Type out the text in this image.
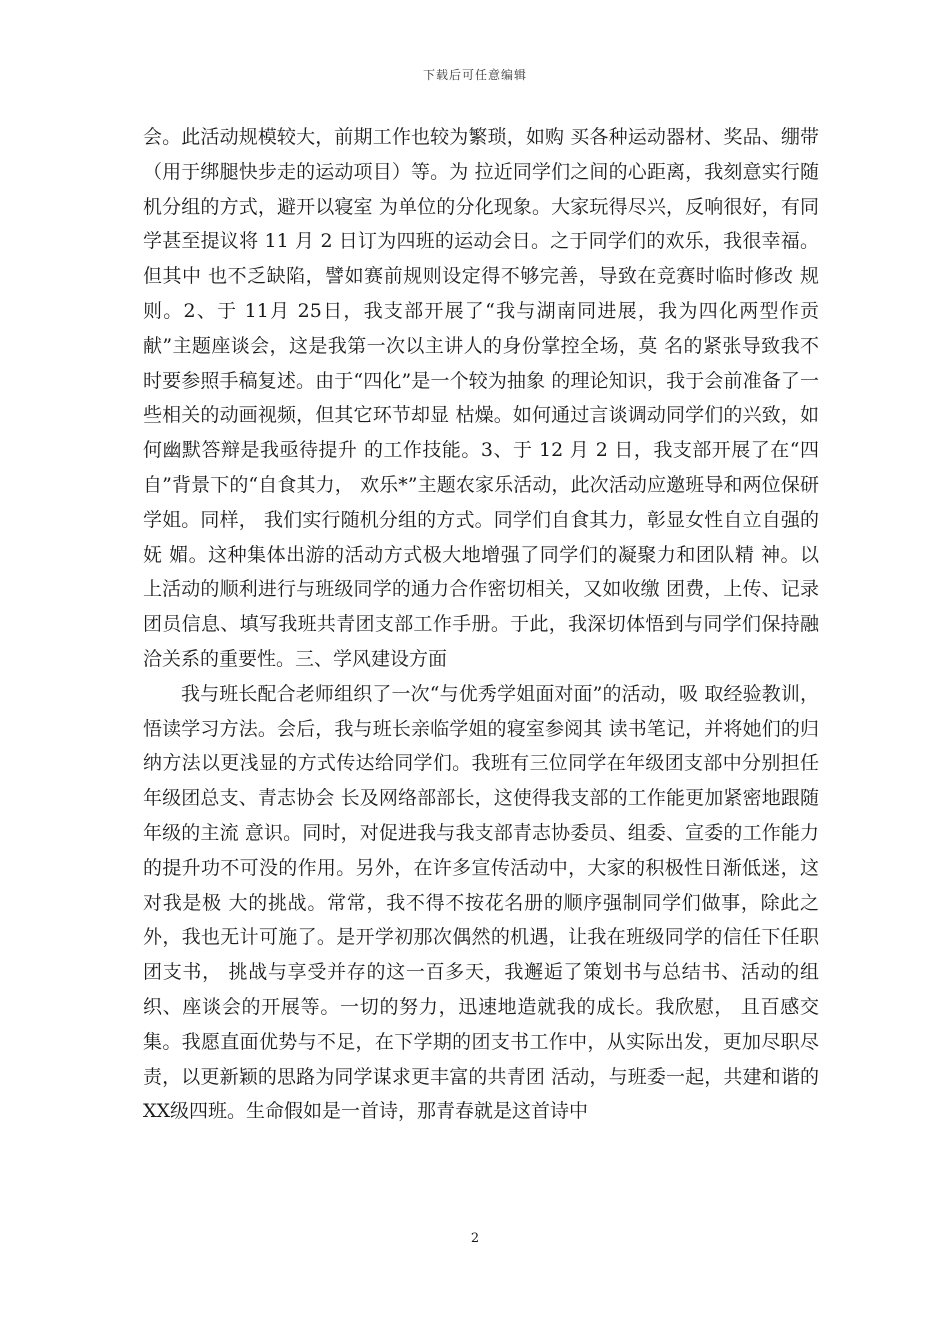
下载后可任意编辑

会。此活动规模较大，前期工作也较为繁琐，如购 买各种运动器材、奖品、绷带（用于绑腿快步走的运动项目）等。为 拉近同学们之间的心距离，我刻意实行随机分组的方式，避开以寝室 为单位的分化现象。大家玩得尽兴，反响很好，有同学甚至提议将 11 月 2 日订为四班的运动会日。之于同学们的欢乐，我很幸福。但其中 也不乏缺陷，譬如赛前规则设定得不够完善，导致在竞赛时临时修改 规则。2、于 11月 25日，我支部开展了“我与湖南同进展，我为四化两型作贡献”主题座谈会，这是我第一次以主讲人的身份掌控全场，莫 名的紧张导致我不时要参照手稿复述。由于“四化”是一个较为抽象 的理论知识，我于会前准备了一些相关的动画视频，但其它环节却显 枯燥。如何通过言谈调动同学们的兴致，如何幽默答辩是我亟待提升 的工作技能。3、于 12 月 2 日，我支部开展了在“四自”背景下的“自食其力， 欢乐*”主题农家乐活动，此次活动应邀班导和两位保研学姐。同样， 我们实行随机分组的方式。同学们自食其力，彰显女性自立自强的妩 媚。这种集体出游的活动方式极大地增强了同学们的凝聚力和团队精 神。以上活动的顺利进行与班级同学的通力合作密切相关，又如收缴 团费，上传、记录团员信息、填写我班共青团支部工作手册。于此，我深切体悟到与同学们保持融洽关系的重要性。三、学风建设方面

我与班长配合老师组织了一次“与优秀学姐面对面”的活动，吸 取经验教训，悟读学习方法。会后，我与班长亲临学姐的寝室参阅其 读书笔记，并将她们的归纳方法以更浅显的方式传达给同学们。我班有三位同学在年级团支部中分别担任年级团总支、青志协会 长及网络部部长，这使得我支部的工作能更加紧密地跟随年级的主流 意识。同时，对促进我与我支部青志协委员、组委、宣委的工作能力 的提升功不可没的作用。另外，在许多宣传活动中，大家的积极性日渐低迷，这对我是极 大的挑战。常常，我不得不按花名册的顺序强制同学们做事，除此之 外，我也无计可施了。是开学初那次偶然的机遇，让我在班级同学的信任下任职团支书， 挑战与享受并存的这一百多天，我邂逅了策划书与总结书、活动的组 织、座谈会的开展等。一切的努力，迅速地造就我的成长。我欣慰， 且百感交集。我愿直面优势与不足，在下学期的团支书工作中，从实际出发，更加尽职尽责，以更新颖的思路为同学谋求更丰富的共青团 活动，与班委一起，共建和谐的 XX级四班。生命假如是一首诗，那青春就是这首诗中

2
